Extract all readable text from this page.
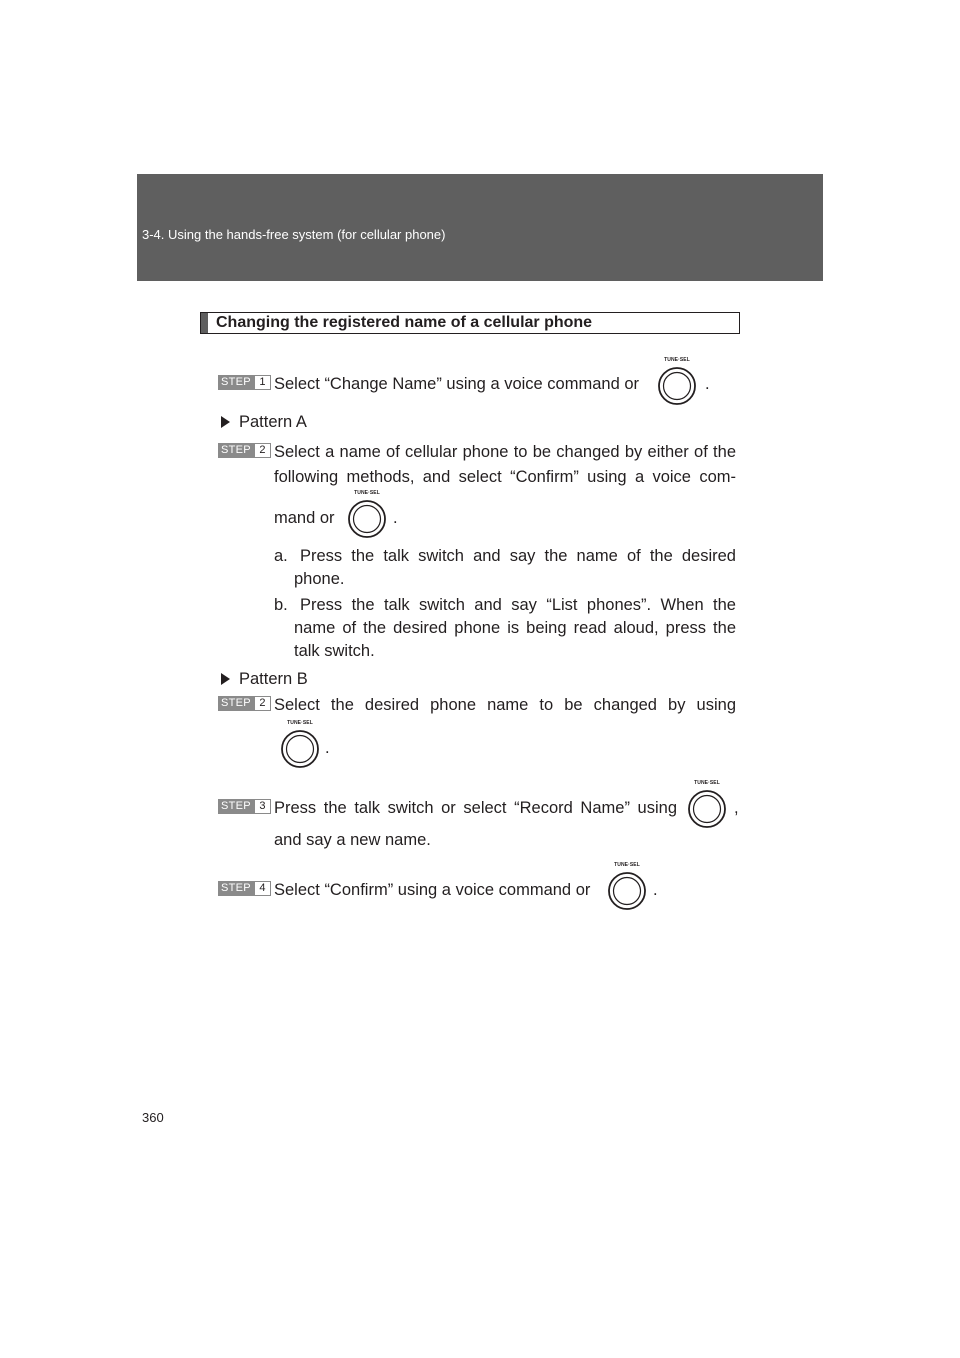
3-4. Using the hands-free system (for cellular phone)
Changing the registered name of a cellular phone
STEP 1 Select “Change Name” using a voice command or
TUNE·SEL
.
Pattern A
STEP 2 Select a name of cellular phone to be changed by either of the
following methods, and select “Confirm” using a voice com-
mand or
TUNE·SEL
.
a. Press the talk switch and say the name of the desired
phone.
b. Press the talk switch and say “List phones”. When the
name of the desired phone is being read aloud, press the
talk switch.
Pattern B
STEP 2 Select the desired phone name to be changed by using
TUNE·SEL
.
STEP 3 Press the talk switch or select “Record Name” using
TUNE·SEL
,
and say a new name.
STEP 4 Select “Confirm” using a voice command or
TUNE·SEL
.
360
